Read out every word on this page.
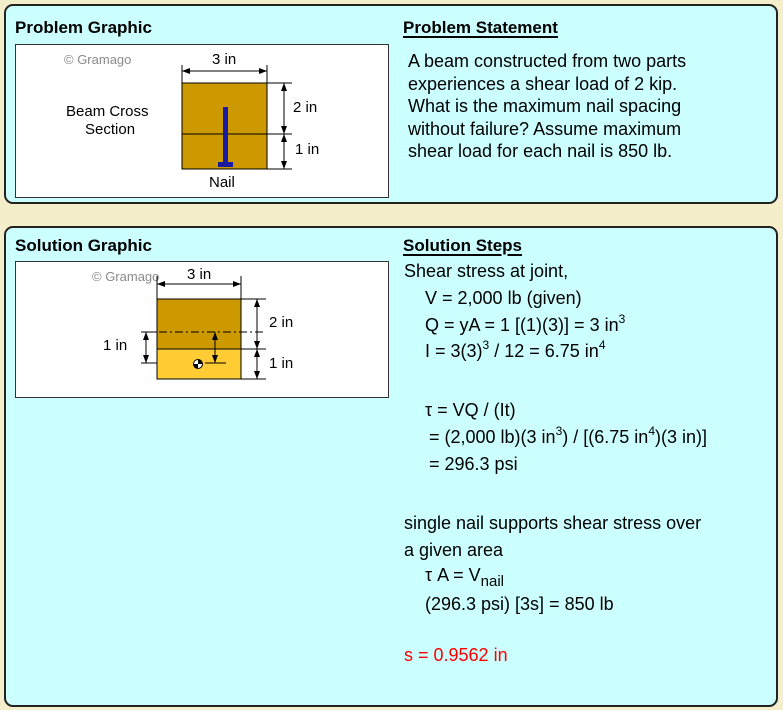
Problem Graphic	Problem Statement
© Gramago	3 in
2 in
1 in
Beam Cross
Section
Nail

A beam constructed from two parts
experiences a shear load of 2 kip.
What is the maximum nail spacing
without failure? Assume maximum
shear load for each nail is 850 lb.

Solution Graphic	Solution Steps
© Gramago 3 in
2 in
1 in
1 in
Shear stress at joint,
V = 2,000 lb (given)
Q = yA = 1 [(1)(3)] = 3 $in^3$
$I = 3(3)^3 / 12 = 6.75$ $in^4$
τ = VQ / (It)
= (2,000 lb)(3 $in^3) / [(6.75$ $in^4)(3$ in)]
= 296.3 psi
single nail supports shear stress over
a given area
τ $A = V_{nail}$
(296.3 psi) [3s] = 850 lb
s = 0.9562 in
